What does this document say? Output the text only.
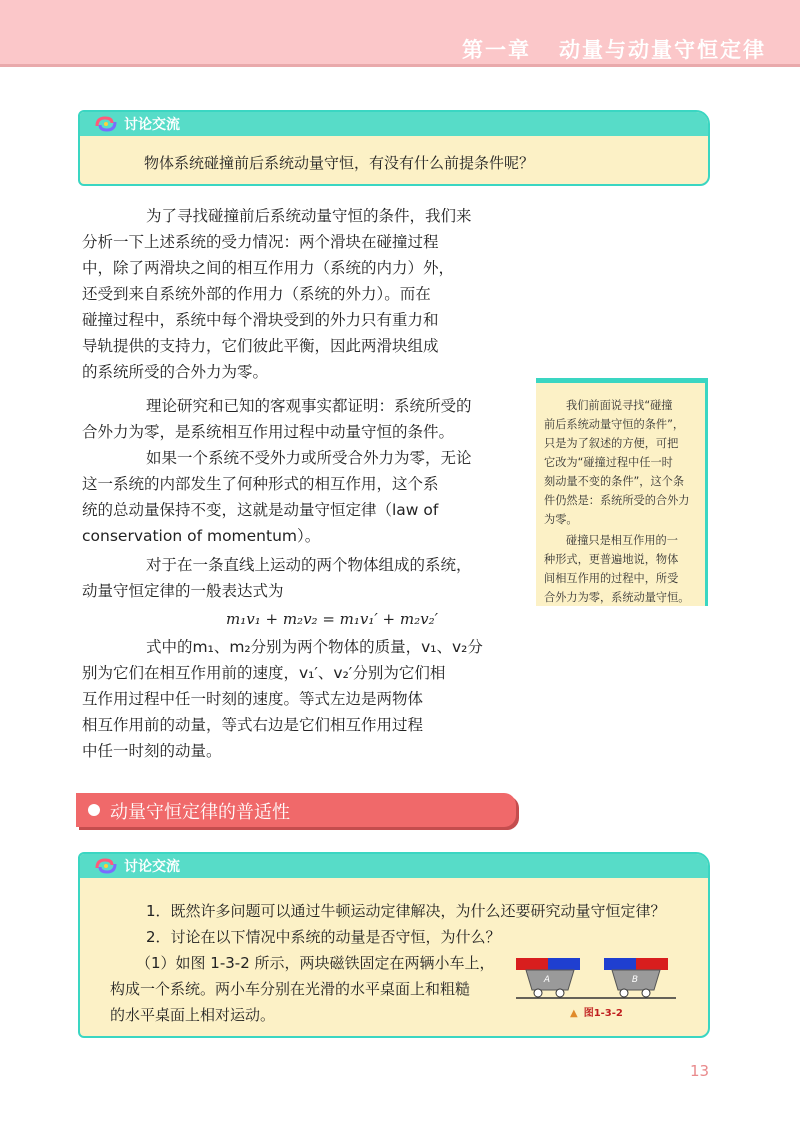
第一章 动量与动量守恒定律
讨论交流
物体系统碰撞前后系统动量守恒，有没有什么前提条件呢？
为了寻找碰撞前后系统动量守恒的条件，我们来
分析一下上述系统的受力情况：两个滑块在碰撞过程
中，除了两滑块之间的相互作用力（系统的内力）外，
还受到来自系统外部的作用力（系统的外力）。而在
碰撞过程中，系统中每个滑块受到的外力只有重力和
导轨提供的支持力，它们彼此平衡，因此两滑块组成
的系统所受的合外力为零。
理论研究和已知的客观事实都证明：系统所受的
合外力为零，是系统相互作用过程中动量守恒的条件。
如果一个系统不受外力或所受合外力为零，无论
这一系统的内部发生了何种形式的相互作用，这个系
统的总动量保持不变，这就是动量守恒定律（law of
conservation of momentum）。
对于在一条直线上运动的两个物体组成的系统，
动量守恒定律的一般表达式为
m₁v₁ + m₂v₂ = m₁v₁′ + m₂v₂′
式中的m₁、m₂分别为两个物体的质量，v₁、v₂分
别为它们在相互作用前的速度，v₁′、v₂′分别为它们相
互作用过程中任一时刻的速度。等式左边是两物体
相互作用前的动量，等式右边是它们相互作用过程
中任一时刻的动量。
我们前面说寻找“碰撞
前后系统动量守恒的条件”，
只是为了叙述的方便，可把
它改为“碰撞过程中任一时
刻动量不变的条件”，这个条
件仍然是：系统所受的合外力
为零。
碰撞只是相互作用的一
种形式，更普遍地说，物体
间相互作用的过程中，所受
合外力为零，系统动量守恒。
动量守恒定律的普适性
讨论交流
1．既然许多问题可以通过牛顿运动定律解决，为什么还要研究动量守恒定律？
2．讨论在以下情况中系统的动量是否守恒，为什么？
（1）如图 1-3-2 所示，两块磁铁固定在两辆小车上，
构成一个系统。两小车分别在光滑的水平桌面上和粗糙
的水平桌面上相对运动。
A	B
▲ 图1-3-2
13
